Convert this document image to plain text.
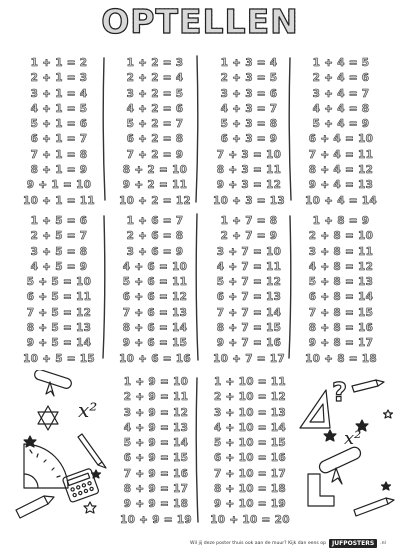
OPTELLEN
1 + 1 = 2
2 + 1 = 3
3 + 1 = 4
4 + 1 = 5
5 + 1 = 6
6 + 1 = 7
7 + 1 = 8
8 + 1 = 9
9 + 1 = 10
10 + 1 = 11
1 + 2 = 3
2 + 2 = 4
3 + 2 = 5
4 + 2 = 6
5 + 2 = 7
6 + 2 = 8
7 + 2 = 9
8 + 2 = 10
9 + 2 = 11
10 + 2 = 12
1 + 3 = 4
2 + 3 = 5
3 + 3 = 6
4 + 3 = 7
5 + 3 = 8
6 + 3 = 9
7 + 3 = 10
8 + 3 = 11
9 + 3 = 12
10 + 3 = 13
1 + 4 = 5
2 + 4 = 6
3 + 4 = 7
4 + 4 = 8
5 + 4 = 9
6 + 4 = 10
7 + 4 = 11
8 + 4 = 12
9 + 4 = 13
10 + 4 = 14
1 + 5 = 6
2 + 5 = 7
3 + 5 = 8
4 + 5 = 9
5 + 5 = 10
6 + 5 = 11
7 + 5 = 12
8 + 5 = 13
9 + 5 = 14
10 + 5 = 15
1 + 6 = 7
2 + 6 = 8
3 + 6 = 9
4 + 6 = 10
5 + 6 = 11
6 + 6 = 12
7 + 6 = 13
8 + 6 = 14
9 + 6 = 15
10 + 6 = 16
1 + 7 = 8
2 + 7 = 9
3 + 7 = 10
4 + 7 = 11
5 + 7 = 12
6 + 7 = 13
7 + 7 = 14
8 + 7 = 15
9 + 7 = 16
10 + 7 = 17
1 + 8 = 9
2 + 8 = 10
3 + 8 = 11
4 + 8 = 12
5 + 8 = 13
6 + 8 = 14
7 + 8 = 15
8 + 8 = 16
9 + 8 = 17
10 + 8 = 18
1 + 9 = 10
2 + 9 = 11
3 + 9 = 12
4 + 9 = 13
5 + 9 = 14
6 + 9 = 15
7 + 9 = 16
8 + 9 = 17
9 + 9 = 18
10 + 9 = 19
1 + 10 = 11
2 + 10 = 12
3 + 10 = 13
4 + 10 = 14
5 + 10 = 15
6 + 10 = 16
7 + 10 = 17
8 + 10 = 18
9 + 10 = 19
10 + 10 = 20
x²
?
x²
Wil jij deze poster thuis ook aan de muur? Kijk dan eens op	JUFPOSTERS	.nl
